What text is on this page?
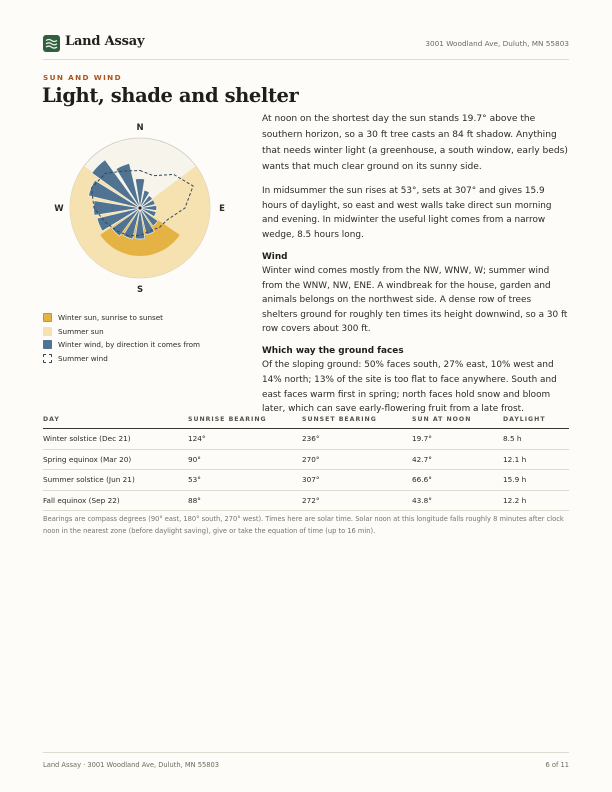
Land Assay	3001 Woodland Ave, Duluth, MN 55803
SUN AND WIND
Light, shade and shelter
N
S
E
W
Winter sun, sunrise to sunset
Summer sun
Winter wind, by direction it comes from
Summer wind

At noon on the shortest day the sun stands 19.7° above the southern horizon, so a 30 ft tree casts an 84 ft shadow. Anything that needs winter light (a greenhouse, a south window, early beds) wants that much clear ground on its sunny side.

In midsummer the sun rises at 53°, sets at 307° and gives 15.9 hours of daylight, so east and west walls take direct sun morning and evening. In midwinter the useful light comes from a narrow wedge, 8.5 hours long.

Wind

Winter wind comes mostly from the NW, WNW, W; summer wind from the WNW, NW, ENE. A windbreak for the house, garden and animals belongs on the northwest side. A dense row of trees shelters ground for roughly ten times its height downwind, so a 30 ft row covers about 300 ft.

Which way the ground faces

Of the sloping ground: 50% faces south, 27% east, 10% west and 14% north; 13% of the site is too flat to face anywhere. South and east faces warm first in spring; north faces hold snow and bloom later, which can save early-flowering fruit from a late frost.

DAY	SUNRISE BEARING	SUNSET BEARING	SUN AT NOON	DAYLIGHT
Winter solstice (Dec 21)	124°	236°	19.7°	8.5 h
Spring equinox (Mar 20)	90°	270°	42.7°	12.1 h
Summer solstice (Jun 21)	53°	307°	66.6°	15.9 h
Fall equinox (Sep 22)	88°	272°	43.8°	12.2 h
Bearings are compass degrees (90° east, 180° south, 270° west). Times here are solar time. Solar noon at this longitude falls roughly 8 minutes after clock noon in the nearest zone (before daylight saving), give or take the equation of time (up to 16 min).
Land Assay · 3001 Woodland Ave, Duluth, MN 55803	6 of 11
